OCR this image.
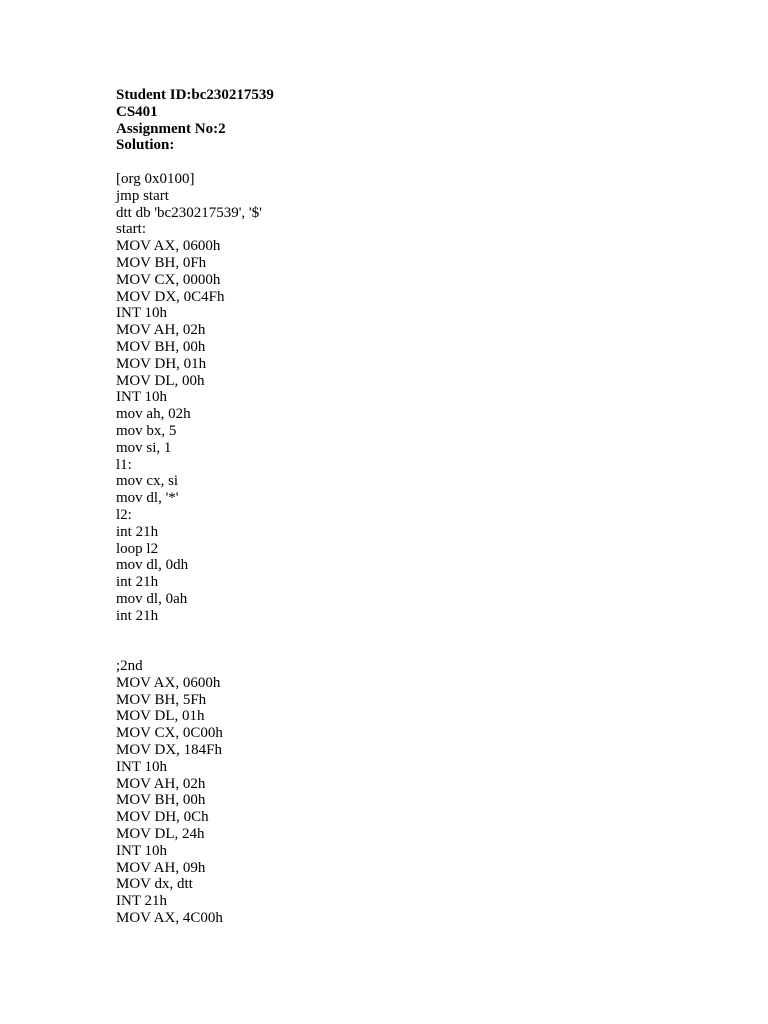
Student ID:bc230217539
CS401
Assignment No:2
Solution:
[org 0x0100]
jmp start
dtt db 'bc230217539', '$'
start:
MOV AX, 0600h
MOV BH, 0Fh
MOV CX, 0000h
MOV DX, 0C4Fh
INT 10h
MOV AH, 02h
MOV BH, 00h
MOV DH, 01h
MOV DL, 00h
INT 10h
mov ah, 02h
mov bx, 5
mov si, 1
l1:
mov cx, si
mov dl, '*'
l2:
int 21h
loop l2
mov dl, 0dh
int 21h
mov dl, 0ah
int 21h
;2nd
MOV AX, 0600h
MOV BH, 5Fh
MOV DL, 01h
MOV CX, 0C00h
MOV DX, 184Fh
INT 10h
MOV AH, 02h
MOV BH, 00h
MOV DH, 0Ch
MOV DL, 24h
INT 10h
MOV AH, 09h
MOV dx, dtt
INT 21h
MOV AX, 4C00h
